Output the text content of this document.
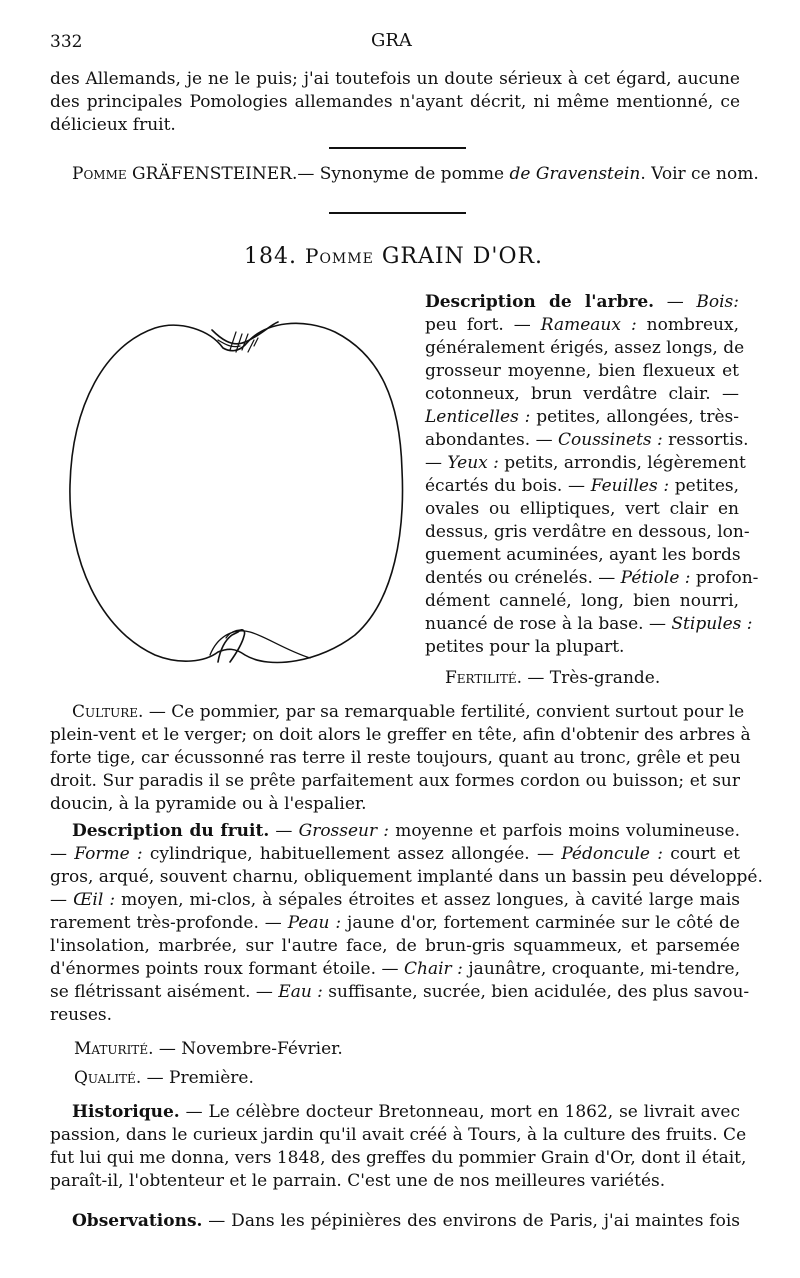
332	GRA
des Allemands, je ne le puis; j'ai toutefois un doute sérieux à cet égard, aucune
des principales Pomologies allemandes n'ayant décrit, ni même mentionné, ce
délicieux fruit.
Pomme GRÄFENSTEINER.— Synonyme de pomme de Gravenstein. Voir ce nom.
184. Pomme GRAIN D'OR.
Description de l'arbre. — Bois:
peu fort. — Rameaux : nombreux,
généralement érigés, assez longs, de
grosseur moyenne, bien flexueux et
cotonneux, brun verdâtre clair. —
Lenticelles : petites, allongées, très-
abondantes. — Coussinets : ressortis.
— Yeux : petits, arrondis, légèrement
écartés du bois. — Feuilles : petites,
ovales ou elliptiques, vert clair en
dessus, gris verdâtre en dessous, lon-
guement acuminées, ayant les bords
dentés ou crénelés. — Pétiole : profon-
dément cannelé, long, bien nourri,
nuancé de rose à la base. — Stipules :
petites pour la plupart.
Fertilité. — Très-grande.
Culture. — Ce pommier, par sa remarquable fertilité, convient surtout pour le
plein-vent et le verger; on doit alors le greffer en tête, afin d'obtenir des arbres à
forte tige, car écussonné ras terre il reste toujours, quant au tronc, grêle et peu
droit. Sur paradis il se prête parfaitement aux formes cordon ou buisson; et sur
doucin, à la pyramide ou à l'espalier.
Description du fruit. — Grosseur : moyenne et parfois moins volumineuse.
— Forme : cylindrique, habituellement assez allongée. — Pédoncule : court et
gros, arqué, souvent charnu, obliquement implanté dans un bassin peu développé.
— Œil : moyen, mi-clos, à sépales étroites et assez longues, à cavité large mais
rarement très-profonde. — Peau : jaune d'or, fortement carminée sur le côté de
l'insolation, marbrée, sur l'autre face, de brun-gris squammeux, et parsemée
d'énormes points roux formant étoile. — Chair : jaunâtre, croquante, mi-tendre,
se flétrissant aisément. — Eau : suffisante, sucrée, bien acidulée, des plus savou-
reuses.
Maturité. — Novembre-Février.
Qualité. — Première.
Historique. — Le célèbre docteur Bretonneau, mort en 1862, se livrait avec
passion, dans le curieux jardin qu'il avait créé à Tours, à la culture des fruits. Ce
fut lui qui me donna, vers 1848, des greffes du pommier Grain d'Or, dont il était,
paraît-il, l'obtenteur et le parrain. C'est une de nos meilleures variétés.
Observations. — Dans les pépinières des environs de Paris, j'ai maintes fois
